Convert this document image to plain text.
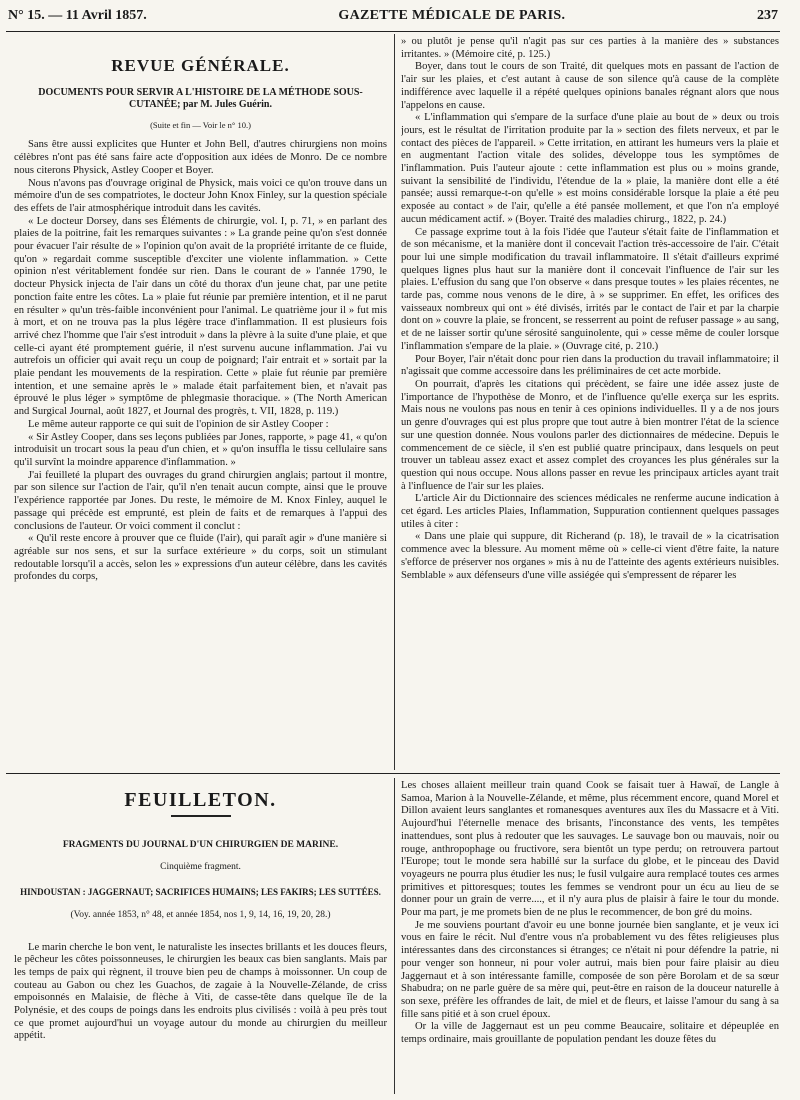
N° 15. — 11 Avril 1857.	GAZETTE MÉDICALE DE PARIS.	237
REVUE GÉNÉRALE.
DOCUMENTS POUR SERVIR A L'HISTOIRE DE LA MÉTHODE SOUS-CUTANÉE; par M. Jules Guérin.
(Suite et fin — Voir le n° 10.)

Sans être aussi explicites que Hunter et John Bell, d'autres chirurgiens non moins célèbres n'ont pas été sans faire acte d'opposition aux idées de Monro. De ce nombre nous citerons Physick, Astley Cooper et Boyer.

Nous n'avons pas d'ouvrage original de Physick, mais voici ce qu'on trouve dans un mémoire d'un de ses compatriotes, le docteur John Knox Finley, sur la question spéciale des effets de l'air atmosphérique introduit dans les cavités.

« Le docteur Dorsey, dans ses Éléments de chirurgie, vol. I, p. 71, » en parlant des plaies de la poitrine, fait les remarques suivantes : » La grande peine qu'on s'est donnée pour évacuer l'air résulte de » l'opinion qu'on avait de la propriété irritante de ce fluide, qu'on » regardait comme susceptible d'exciter une violente inflammation. » Cette opinion n'est véritablement fondée sur rien. Dans le courant de » l'année 1790, le docteur Physick injecta de l'air dans un côté du thorax d'un jeune chat, par une petite ponction faite entre les côtes. La » plaie fut réunie par première intention, et il ne parut en résulter » qu'un très-faible inconvénient pour l'animal. Le quatrième jour il » fut mis à mort, et on ne trouva pas la plus légère trace d'inflammation. Il est plusieurs fois arrivé chez l'homme que l'air s'est introduit » dans la plèvre à la suite d'une plaie, et que celle-ci ayant été promptement guérie, il n'est survenu aucune inflammation. J'ai vu autrefois un officier qui avait reçu un coup de poignard; l'air entrait et » sortait par la plaie pendant les mouvements de la respiration. Cette » plaie fut réunie par première intention, et une semaine après le » malade était parfaitement bien, et n'avait pas éprouvé le plus léger » symptôme de phlegmasie thoracique. » (The North American and Surgical Journal, août 1827, et Journal des progrès, t. VII, 1828, p. 119.)

Le même auteur rapporte ce qui suit de l'opinion de sir Astley Cooper :

« Sir Astley Cooper, dans ses leçons publiées par Jones, rapporte, » page 41, « qu'on introduisit un trocart sous la peau d'un chien, et » qu'on insuffla le tissu cellulaire sans qu'il survînt la moindre apparence d'inflammation. »

J'ai feuilleté la plupart des ouvrages du grand chirurgien anglais; partout il montre, par son silence sur l'action de l'air, qu'il n'en tenait aucun compte, ainsi que le prouve l'expérience rapportée par Jones. Du reste, le mémoire de M. Knox Finley, auquel le passage qui précède est emprunté, est plein de faits et de remarques à l'appui des conclusions de l'auteur. Or voici comment il conclut :

« Qu'il reste encore à prouver que ce fluide (l'air), qui paraît agir » d'une manière si agréable sur nos sens, et sur la surface extérieure » du corps, soit un stimulant redoutable lorsqu'il a accès, selon les » expressions d'un auteur célèbre, dans les cavités profondes du corps,

» ou plutôt je pense qu'il n'agit pas sur ces parties à la manière des » substances irritantes. » (Mémoire cité, p. 125.)

Boyer, dans tout le cours de son Traité, dit quelques mots en passant de l'action de l'air sur les plaies, et c'est autant à cause de son silence qu'à cause de la complète indifférence avec laquelle il a répété quelques opinions banales régnant alors que nous l'appelons en cause.

« L'inflammation qui s'empare de la surface d'une plaie au bout de » deux ou trois jours, est le résultat de l'irritation produite par la » section des filets nerveux, et par le contact des pièces de l'appareil. » Cette irritation, en attirant les humeurs vers la plaie et en augmentant l'action vitale des solides, développe tous les symptômes de l'inflammation. Puis l'auteur ajoute : cette inflammation est plus ou » moins grande, suivant la sensibilité de l'individu, l'étendue de la » plaie, la manière dont elle a été pansée; aussi remarque-t-on qu'elle » est moins considérable lorsque la plaie a été peu exposée au contact » de l'air, qu'elle a été pansée mollement, et que l'on n'a employé aucun médicament actif. » (Boyer. Traité des maladies chirurg., 1822, p. 24.)

Ce passage exprime tout à la fois l'idée que l'auteur s'était faite de l'inflammation et de son mécanisme, et la manière dont il concevait l'action très-accessoire de l'air. C'était pour lui une simple modification du travail inflammatoire. Il s'était d'ailleurs exprimé quelques lignes plus haut sur la manière dont il concevait l'influence de l'air sur les plaies. L'effusion du sang que l'on observe « dans presque toutes » les plaies récentes, ne tarde pas, comme nous venons de le dire, à » se supprimer. En effet, les orifices des vaisseaux nombreux qui ont » été divisés, irrités par le contact de l'air et par la charpie dont on » couvre la plaie, se froncent, se resserrent au point de refuser passage » au sang, et de ne laisser sortir qu'une sérosité sanguinolente, qui » cesse même de couler lorsque l'inflammation s'empare de la plaie. » (Ouvrage cité, p. 210.)

Pour Boyer, l'air n'était donc pour rien dans la production du travail inflammatoire; il n'agissait que comme accessoire dans les préliminaires de cet acte morbide.

On pourrait, d'après les citations qui précèdent, se faire une idée assez juste de l'importance de l'hypothèse de Monro, et de l'influence qu'elle exerça sur les esprits. Mais nous ne voulons pas nous en tenir à ces opinions individuelles. Il y a de nos jours un genre d'ouvrages qui est plus propre que tout autre à bien montrer l'état de la science sur une question donnée. Nous voulons parler des dictionnaires de médecine. Depuis le commencement de ce siècle, il s'en est publié quatre principaux, dans lesquels on peut trouver un tableau assez exact et assez complet des croyances les plus générales sur la question qui nous occupe. Nous allons passer en revue les principaux articles ayant trait à l'influence de l'air sur les plaies.

L'article Air du Dictionnaire des sciences médicales ne renferme aucune indication à cet égard. Les articles Plaies, Inflammation, Suppuration contiennent quelques passages utiles à citer :

« Dans une plaie qui suppure, dit Richerand (p. 18), le travail de » la cicatrisation commence avec la blessure. Au moment même où » celle-ci vient d'être faite, la nature s'efforce de préserver nos organes » mis à nu de l'atteinte des agents extérieurs nuisibles. Semblable » aux défenseurs d'une ville assiégée qui s'empressent de réparer les

FEUILLETON.
FRAGMENTS DU JOURNAL D'UN CHIRURGIEN DE MARINE.
Cinquième fragment.
HINDOUSTAN : JAGGERNAUT; SACRIFICES HUMAINS; LES FAKIRS; LES SUTTÉES.
(Voy. année 1853, n° 48, et année 1854, nos 1, 9, 14, 16, 19, 20, 28.)

Le marin cherche le bon vent, le naturaliste les insectes brillants et les douces fleurs, le pêcheur les côtes poissonneuses, le chirurgien les beaux cas bien sanglants. Mais par les temps de paix qui règnent, il trouve bien peu de champs à moissonner. Un coup de couteau au Gabon ou chez les Guachos, de zagaie à la Nouvelle-Zélande, de criss empoisonnés en Malaisie, de flèche à Viti, de casse-tête dans quelque île de la Polynésie, et des coups de poings dans les endroits plus civilisés : voilà à peu près tout ce que promet aujourd'hui un voyage autour du monde au chirurgien du meilleur appétit.

Les choses allaient meilleur train quand Cook se faisait tuer à Hawaï, de Langle à Samoa, Marion à la Nouvelle-Zélande, et même, plus récemment encore, quand Morel et Dillon avaient leurs sanglantes et romanesques aventures aux îles du Massacre et à Viti. Aujourd'hui l'éternelle menace des brisants, l'inconstance des vents, les tempêtes inattendues, sont plus à redouter que les sauvages. Le sauvage bon ou mauvais, noir ou rouge, anthropophage ou fructivore, sera bientôt un type perdu; on retrouvera partout l'Europe; tout le monde sera habillé sur la surface du globe, et le pinceau des David voyageurs ne pourra plus étudier les nus; le fusil vulgaire aura remplacé toutes ces armes primitives et pittoresques; toutes les femmes se vendront pour un écu au lieu de se donner pour un grain de verre...., et il n'y aura plus de plaisir à faire le tour du monde. Pour ma part, je me promets bien de ne plus le recommencer, de bon gré du moins.

Je me souviens pourtant d'avoir eu une bonne journée bien sanglante, et je veux ici vous en faire le récit. Nul d'entre vous n'a probablement vu des fêtes religieuses plus intéressantes dans des circonstances si étranges; ce n'était ni pour défendre la patrie, ni pour venger son honneur, ni pour voler autrui, mais bien pour faire plaisir au dieu Jaggernaut et à son intéressante famille, composée de son père Borolam et de sa sœur Shabudra; on ne parle guère de sa mère qui, peut-être en raison de la douceur naturelle à son sexe, préfère les offrandes de lait, de miel et de fleurs, et laisse l'amour du sang à sa fille sans pitié et à son cruel époux.

Or la ville de Jaggernaut est un peu comme Beaucaire, solitaire et dépeuplée en temps ordinaire, mais grouillante de population pendant les douze fêtes du
